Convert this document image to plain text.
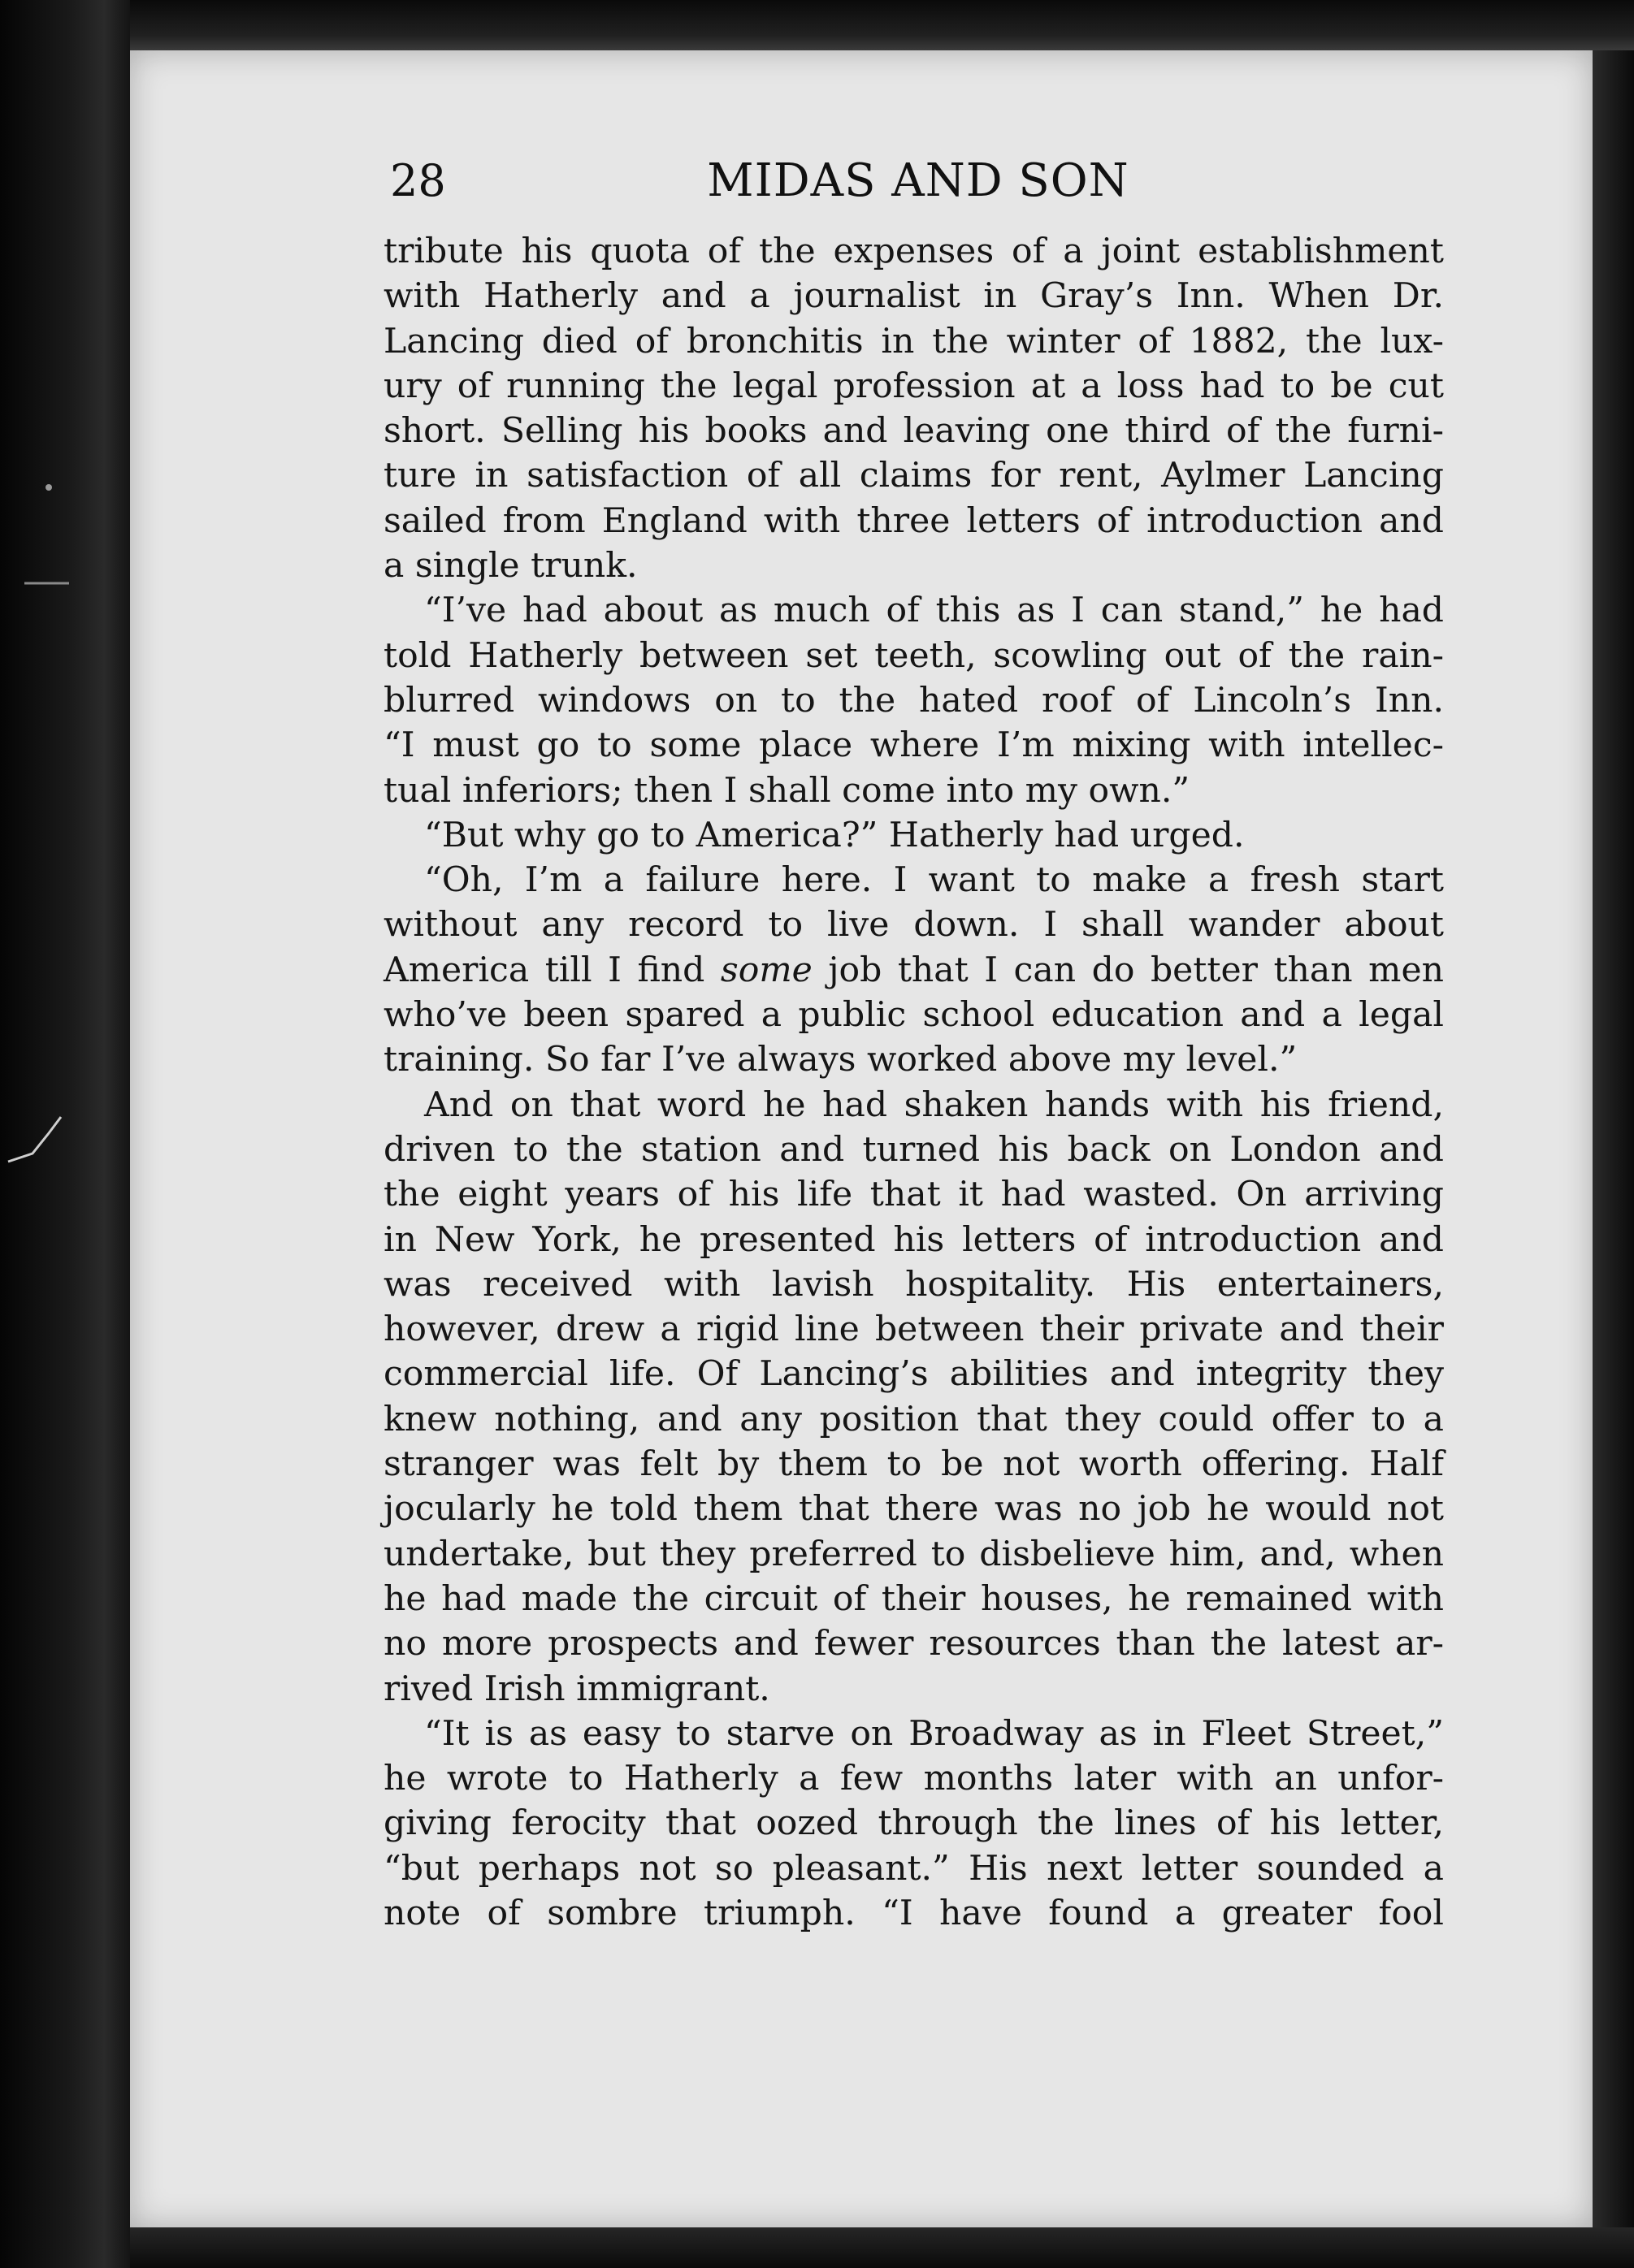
28	MIDAS AND SON
tribute his quota of the expenses of a joint establishment
with Hatherly and a journalist in Gray’s Inn. When Dr.
Lancing died of bronchitis in the winter of 1882, the lux-
ury of running the legal profession at a loss had to be cut
short. Selling his books and leaving one third of the furni-
ture in satisfaction of all claims for rent, Aylmer Lancing
sailed from England with three letters of introduction and
a single trunk.
“I’ve had about as much of this as I can stand,” he had
told Hatherly between set teeth, scowling out of the rain-
blurred windows on to the hated roof of Lincoln’s Inn.
“I must go to some place where I’m mixing with intellec-
tual inferiors; then I shall come into my own.”
“But why go to America?” Hatherly had urged.
“Oh, I’m a failure here. I want to make a fresh start
without any record to live down. I shall wander about
America till I find some job that I can do better than men
who’ve been spared a public school education and a legal
training. So far I’ve always worked above my level.”
And on that word he had shaken hands with his friend,
driven to the station and turned his back on London and
the eight years of his life that it had wasted. On arriving
in New York, he presented his letters of introduction and
was received with lavish hospitality. His entertainers,
however, drew a rigid line between their private and their
commercial life. Of Lancing’s abilities and integrity they
knew nothing, and any position that they could offer to a
stranger was felt by them to be not worth offering. Half
jocularly he told them that there was no job he would not
undertake, but they preferred to disbelieve him, and, when
he had made the circuit of their houses, he remained with
no more prospects and fewer resources than the latest ar-
rived Irish immigrant.
“It is as easy to starve on Broadway as in Fleet Street,”
he wrote to Hatherly a few months later with an unfor-
giving ferocity that oozed through the lines of his letter,
“but perhaps not so pleasant.” His next letter sounded a
note of sombre triumph. “I have found a greater fool
